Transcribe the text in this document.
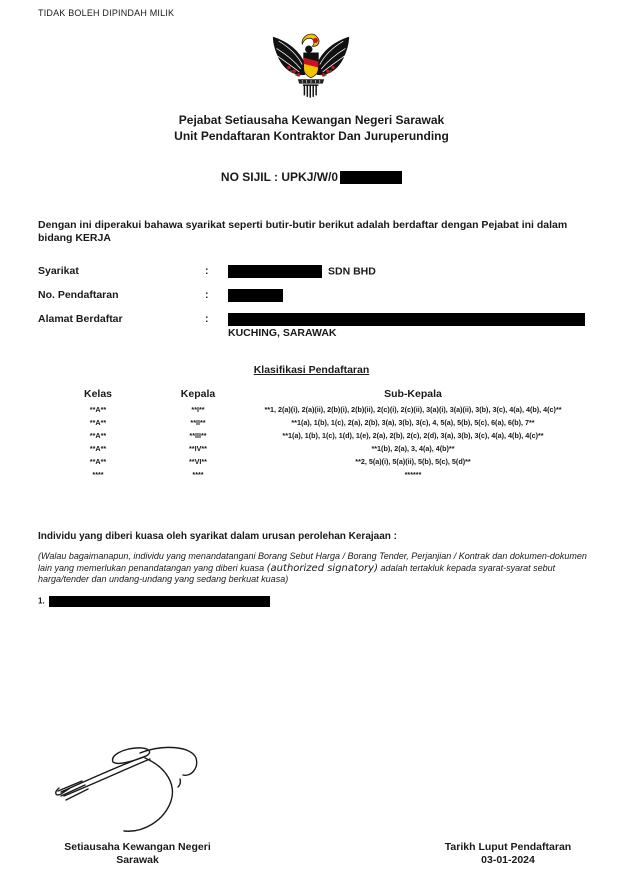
TIDAK BOLEH DIPINDAH MILIK
Pejabat Setiausaha Kewangan Negeri Sarawak
Unit Pendaftaran Kontraktor Dan Juruperunding
NO SIJIL : UPKJ/W/0
Dengan ini diperakui bahawa syarikat seperti butir-butir berikut adalah berdaftar dengan Pejabat ini dalam bidang KERJA
Syarikat	:	SDN BHD
No. Pendaftaran	:
Alamat Berdaftar	:
KUCHING, SARAWAK
Klasifikasi Pendaftaran
Kelas	Kepala	Sub-Kepala
**A**	**I**	**1, 2(a)(i), 2(a)(ii), 2(b)(i), 2(b)(ii), 2(c)(i), 2(c)(ii), 3(a)(i), 3(a)(ii), 3(b), 3(c), 4(a), 4(b), 4(c)**
**A**	**II**	**1(a), 1(b), 1(c), 2(a), 2(b), 3(a), 3(b), 3(c), 4, 5(a), 5(b), 5(c), 6(a), 6(b), 7**
**A**	**III**	**1(a), 1(b), 1(c), 1(d), 1(e), 2(a), 2(b), 2(c), 2(d), 3(a), 3(b), 3(c), 4(a), 4(b), 4(c)**
**A**	**IV**	**1(b), 2(a), 3, 4(a), 4(b)**
**A**	**VI**	**2, 5(a)(i), 5(a)(ii), 5(b), 5(c), 5(d)**
****	****	******
Individu yang diberi kuasa oleh syarikat dalam urusan perolehan Kerajaan :
(Walau bagaimanapun, individu yang menandatangani Borang Sebut Harga / Borang Tender, Perjanjian / Kontrak dan dokumen-dokumen lain yang memerlukan penandatangan yang diberi kuasa (authorized signatory) adalah tertakluk kepada syarat-syarat sebut harga/tender dan undang-undang yang sedang berkuat kuasa)
1.
Setiausaha Kewangan Negeri
Sarawak
Tarikh Luput Pendaftaran
03-01-2024
